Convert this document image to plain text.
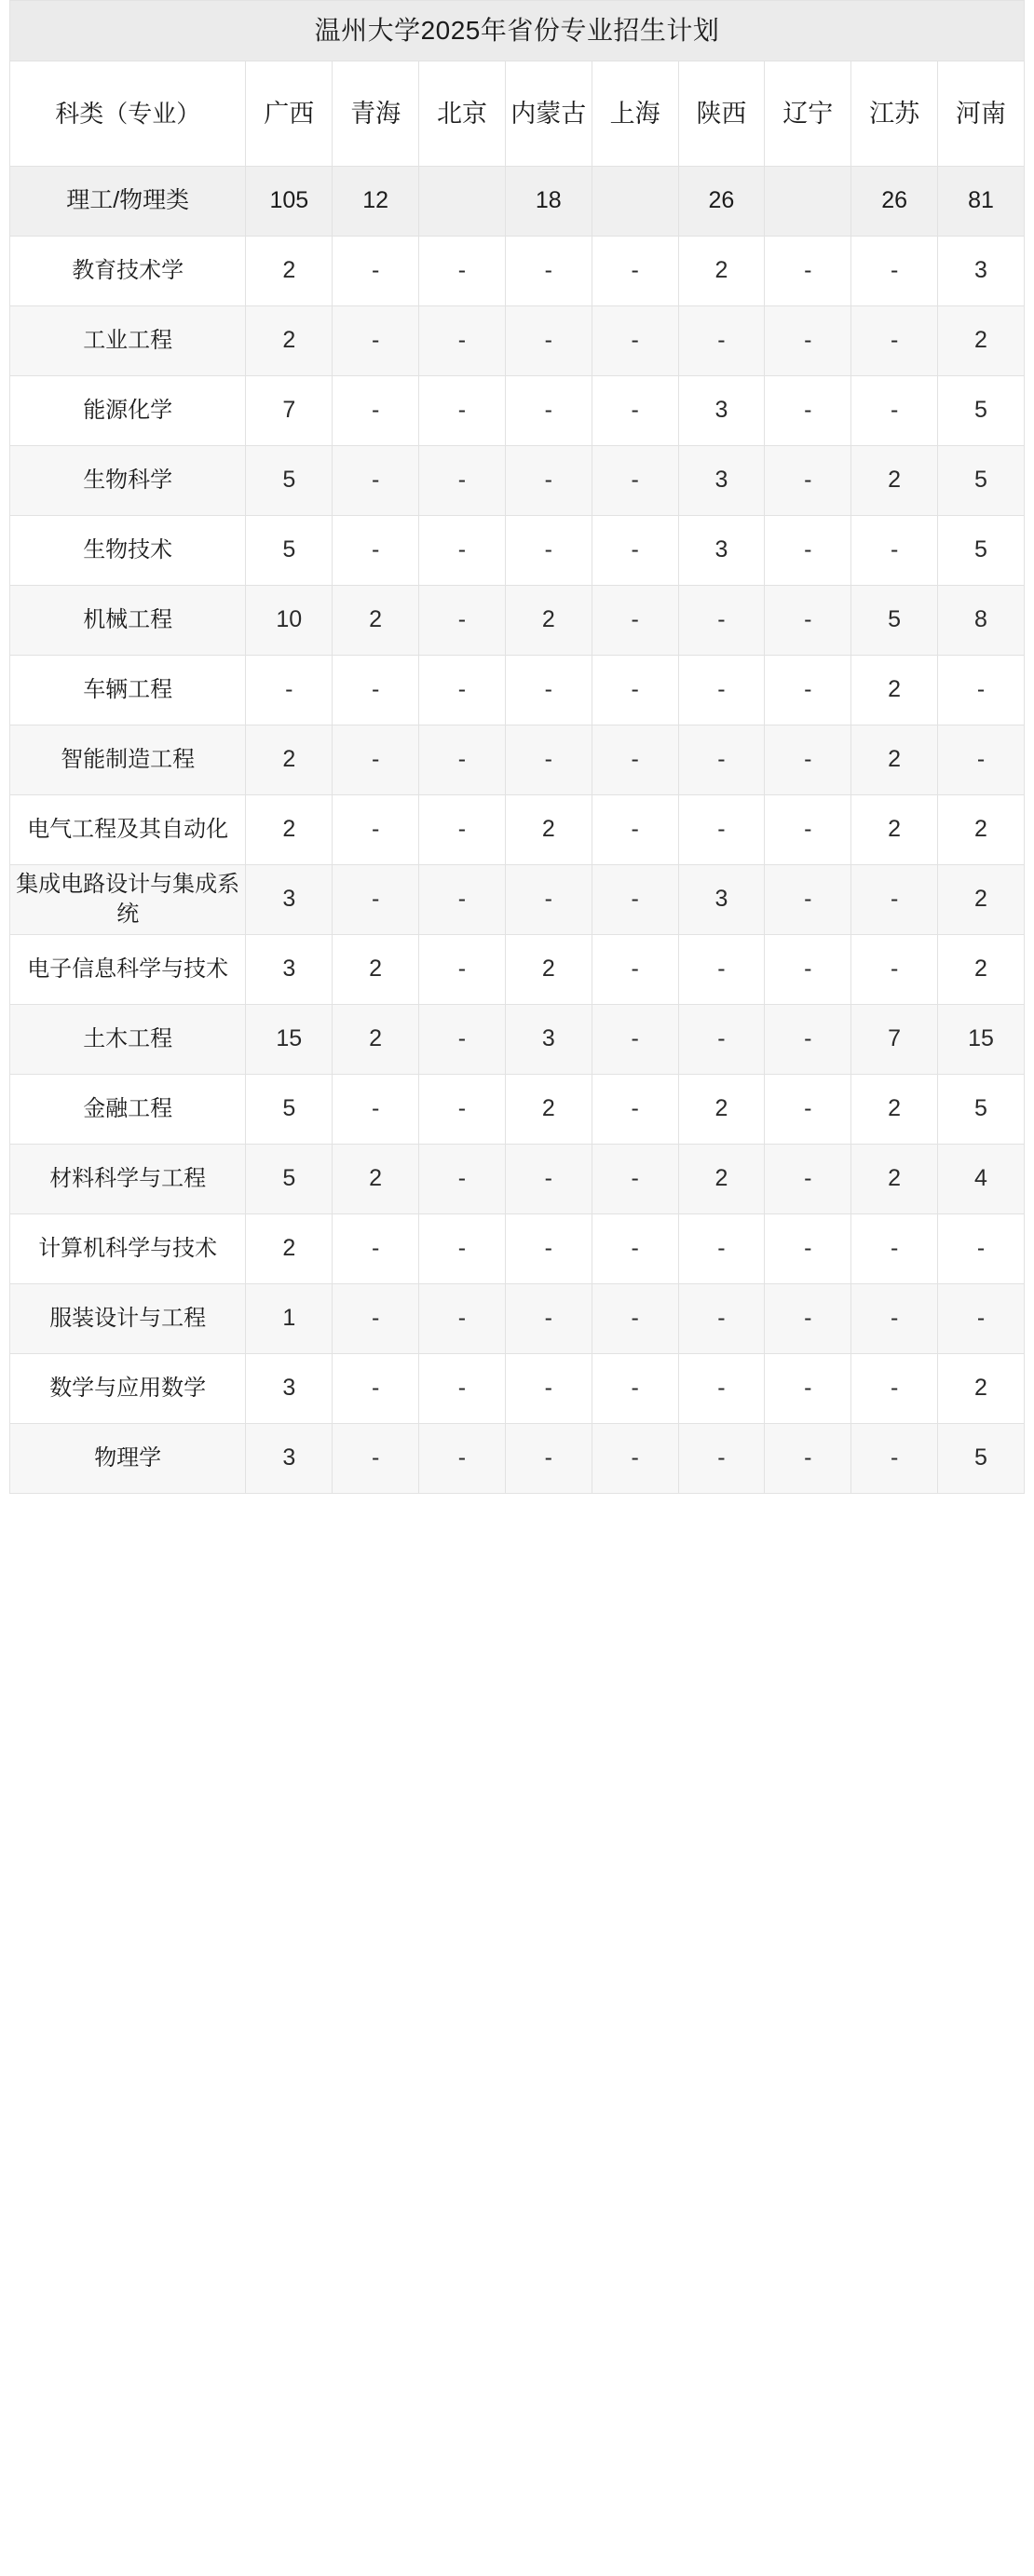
温州大学2025年省份专业招生计划									
科类（专业）	广西	青海	北京	内蒙古	上海	陕西	辽宁	江苏	河南
理工/物理类	105	12		18		26		26	81
教育技术学	2	-	-	-	-	2	-	-	3
工业工程	2	-	-	-	-	-	-	-	2
能源化学	7	-	-	-	-	3	-	-	5
生物科学	5	-	-	-	-	3	-	2	5
生物技术	5	-	-	-	-	3	-	-	5
机械工程	10	2	-	2	-	-	-	5	8
车辆工程	-	-	-	-	-	-	-	2	-
智能制造工程	2	-	-	-	-	-	-	2	-
电气工程及其自动化	2	-	-	2	-	-	-	2	2
集成电路设计与集成系统	3	-	-	-	-	3	-	-	2
电子信息科学与技术	3	2	-	2	-	-	-	-	2
土木工程	15	2	-	3	-	-	-	7	15
金融工程	5	-	-	2	-	2	-	2	5
材料科学与工程	5	2	-	-	-	2	-	2	4
计算机科学与技术	2	-	-	-	-	-	-	-	-
服装设计与工程	1	-	-	-	-	-	-	-	-
数学与应用数学	3	-	-	-	-	-	-	-	2
物理学	3	-	-	-	-	-	-	-	5
